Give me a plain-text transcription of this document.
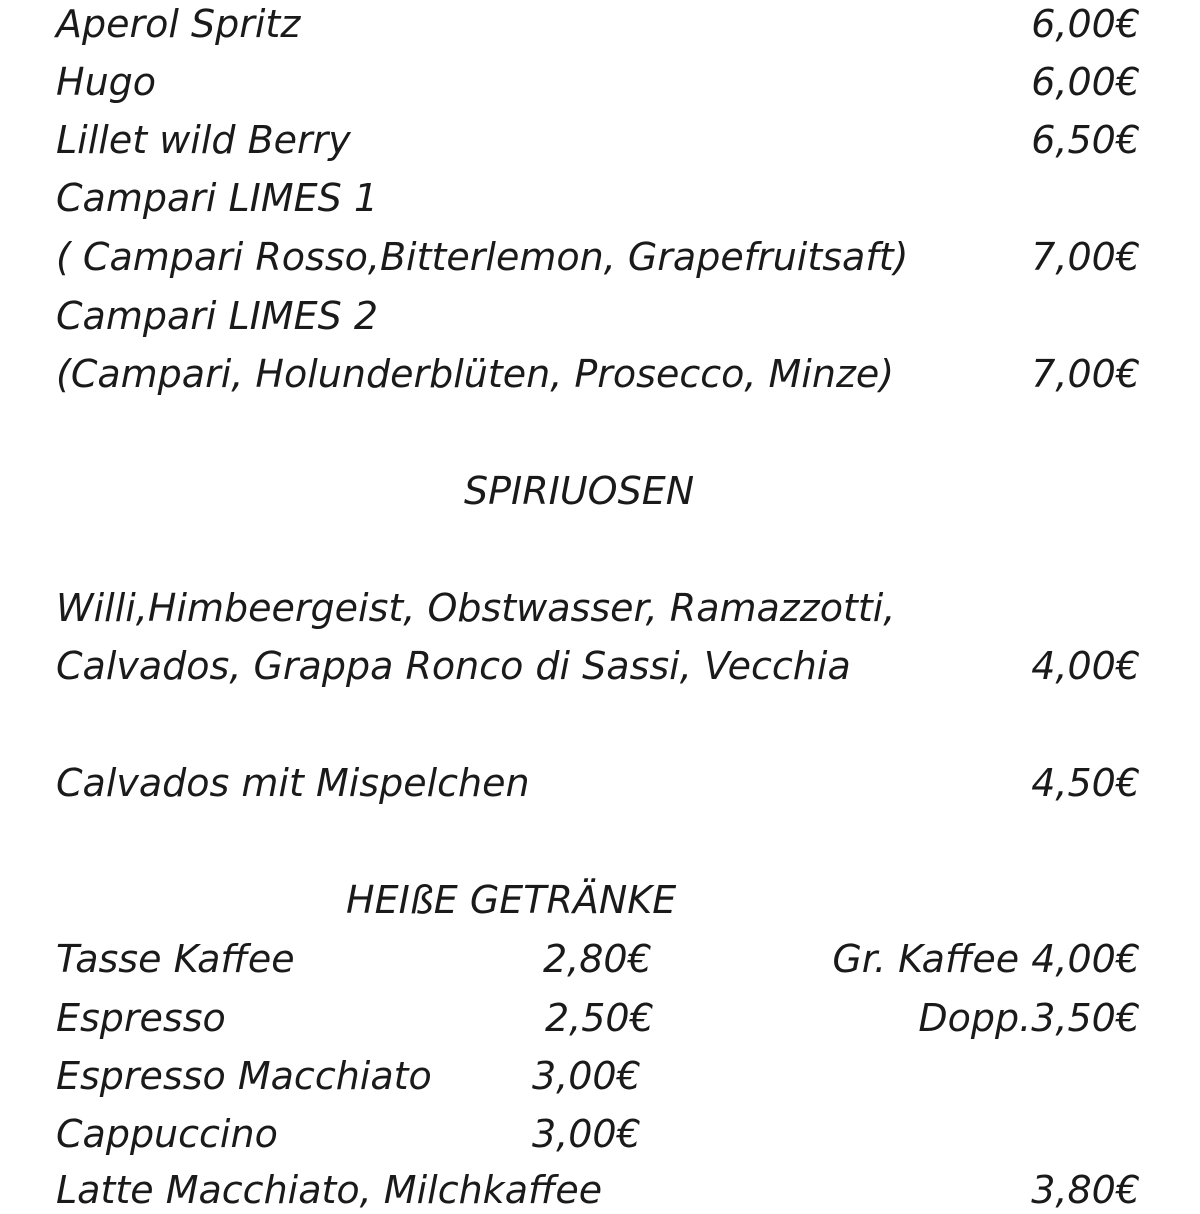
Aperol Spritz	6,00€
Hugo	6,00€
Lillet wild Berry	6,50€
Campari LIMES 1
( Campari Rosso,Bitterlemon, Grapefruitsaft)	7,00€
Campari LIMES 2
(Campari, Holunderblüten, Prosecco, Minze)	7,00€
SPIRIUOSEN
Willi,Himbeergeist, Obstwasser, Ramazzotti,
Calvados, Grappa Ronco di Sassi, Vecchia	4,00€
Calvados mit Mispelchen	4,50€
HEIßE GETRÄNKE
Tasse Kaffee	2,80€	Gr. Kaffee 4,00€
Espresso	2,50€	Dopp.3,50€
Espresso Macchiato	3,00€
Cappuccino	3,00€
Latte Macchiato, Milchkaffee	3,80€
